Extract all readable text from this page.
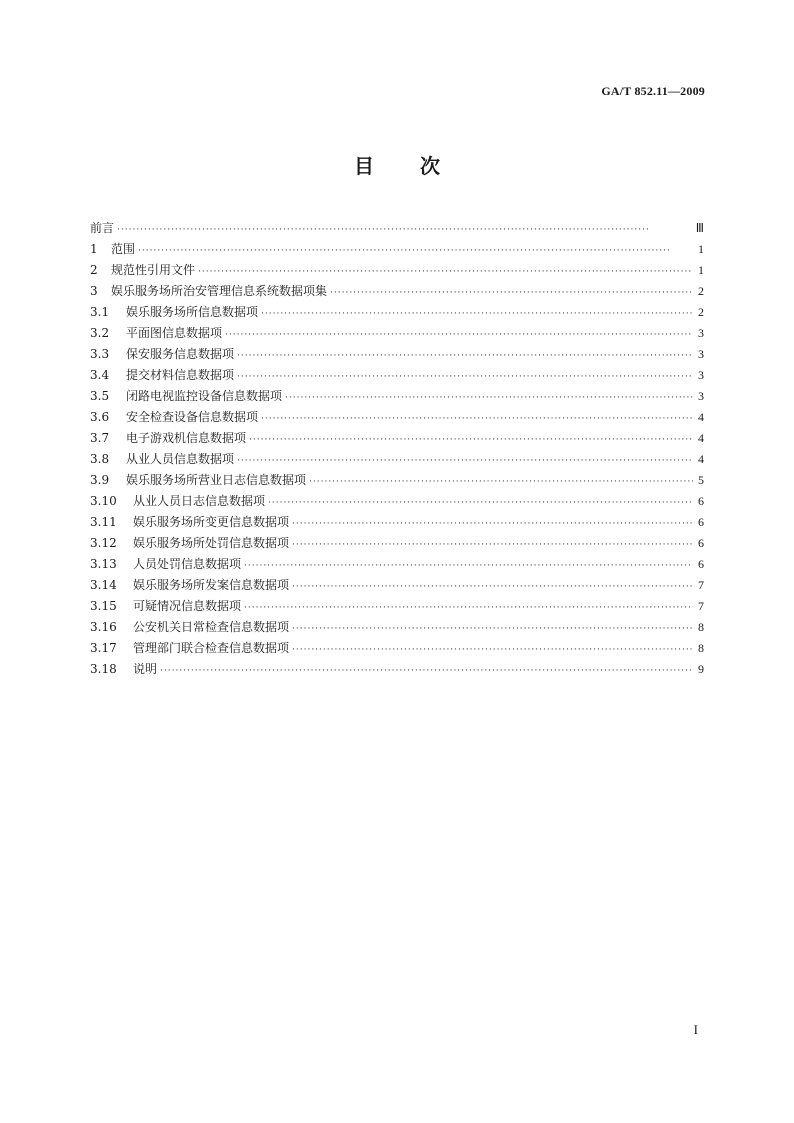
GA/T 852.11—2009
目次
前言 ·····	Ⅲ
1	范围 ·····	1
2	规范性引用文件 ·····	1
3	娱乐服务场所治安管理信息系统数据项集 ·····	2
3.1	娱乐服务场所信息数据项 ·····	2
3.2	平面图信息数据项 ·····	3
3.3	保安服务信息数据项 ·····	3
3.4	提交材料信息数据项 ·····	3
3.5	闭路电视监控设备信息数据项 ·····	3
3.6	安全检查设备信息数据项 ·····	4
3.7	电子游戏机信息数据项 ·····	4
3.8	从业人员信息数据项 ·····	4
3.9	娱乐服务场所营业日志信息数据项 ·····	5
3.10	从业人员日志信息数据项 ·····	6
3.11	娱乐服务场所变更信息数据项 ·····	6
3.12	娱乐服务场所处罚信息数据项 ·····	6
3.13	人员处罚信息数据项 ·····	6
3.14	娱乐服务场所发案信息数据项 ·····	7
3.15	可疑情况信息数据项 ·····	7
3.16	公安机关日常检查信息数据项 ·····	8
3.17	管理部门联合检查信息数据项 ·····	8
3.18	说明 ·····	9
I
